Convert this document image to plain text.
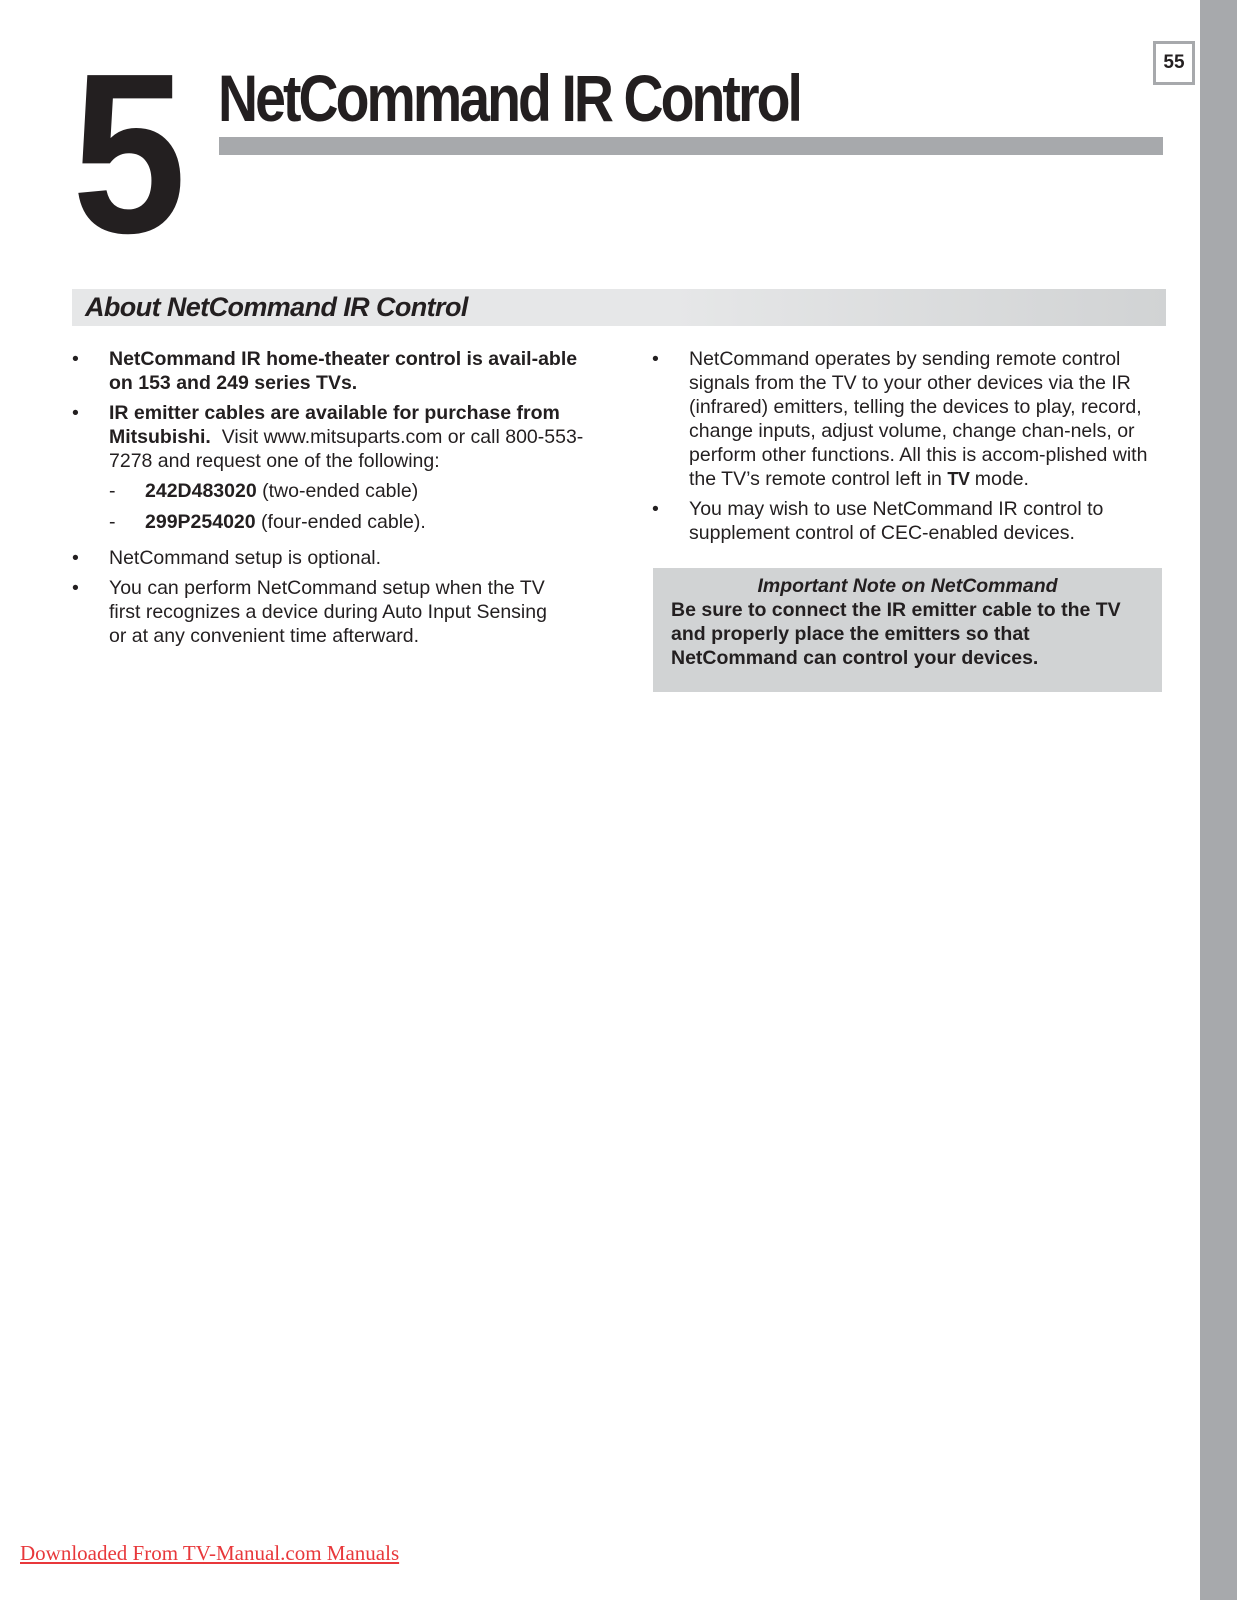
55
5 NetCommand IR Control
About NetCommand IR Control
•	NetCommand IR home-theater control is avail-able on 153 and 249 series TVs.
•	IR emitter cables are available for purchase from Mitsubishi. Visit www.mitsuparts.com or call 800-553-7278 and request one of the following:
- 242D483020 (two-ended cable)
- 299P254020 (four-ended cable).
•	NetCommand setup is optional.
•	You can perform NetCommand setup when the TV first recognizes a device during Auto Input Sensing or at any convenient time afterward.
•	NetCommand operates by sending remote control signals from the TV to your other devices via the IR (infrared) emitters, telling the devices to play, record, change inputs, adjust volume, change chan-nels, or perform other functions. All this is accom-plished with the TV’s remote control left in TV mode.
•	You may wish to use NetCommand IR control to supplement control of CEC-enabled devices.
Important Note on NetCommand
Be sure to connect the IR emitter cable to the TV and properly place the emitters so that NetCommand can control your devices.
Downloaded From TV-Manual.com Manuals
